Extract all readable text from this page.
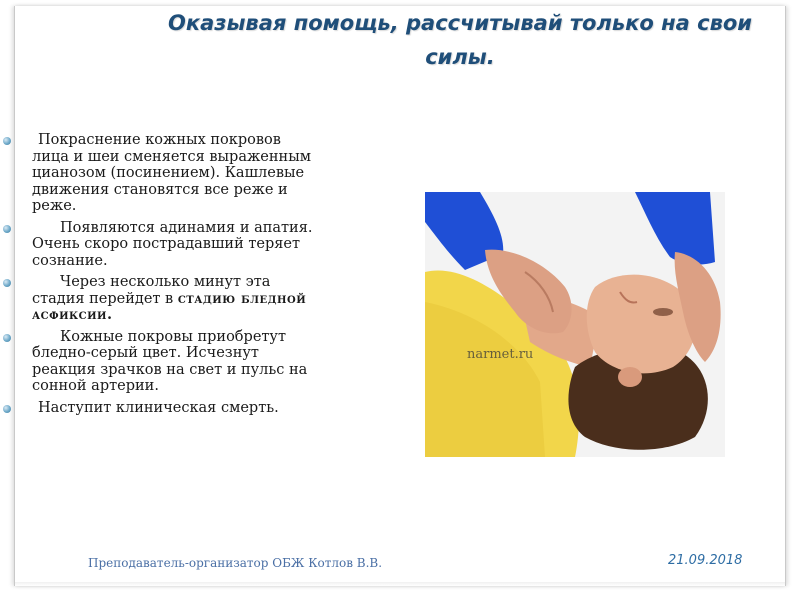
Оказывая помощь, рассчитывай только на свои
силы.
Покраснение кожных покровов лица и шеи сменяется выраженным цианозом (посинением). Кашлевые движения становятся все реже и реже.
Появляются адинамия и апатия. Очень скоро пострадавший теряет сознание.
Через несколько минут эта стадия перейдет в стадию бледной асфиксии.
Кожные покровы приобретут бледно-серый цвет. Исчезнут реакция зрачков на свет и пульс на сонной артерии.
Наступит клиническая смерть.
narmet.ru
Преподаватель-организатор ОБЖ Котлов В.В.	21.09.2018
